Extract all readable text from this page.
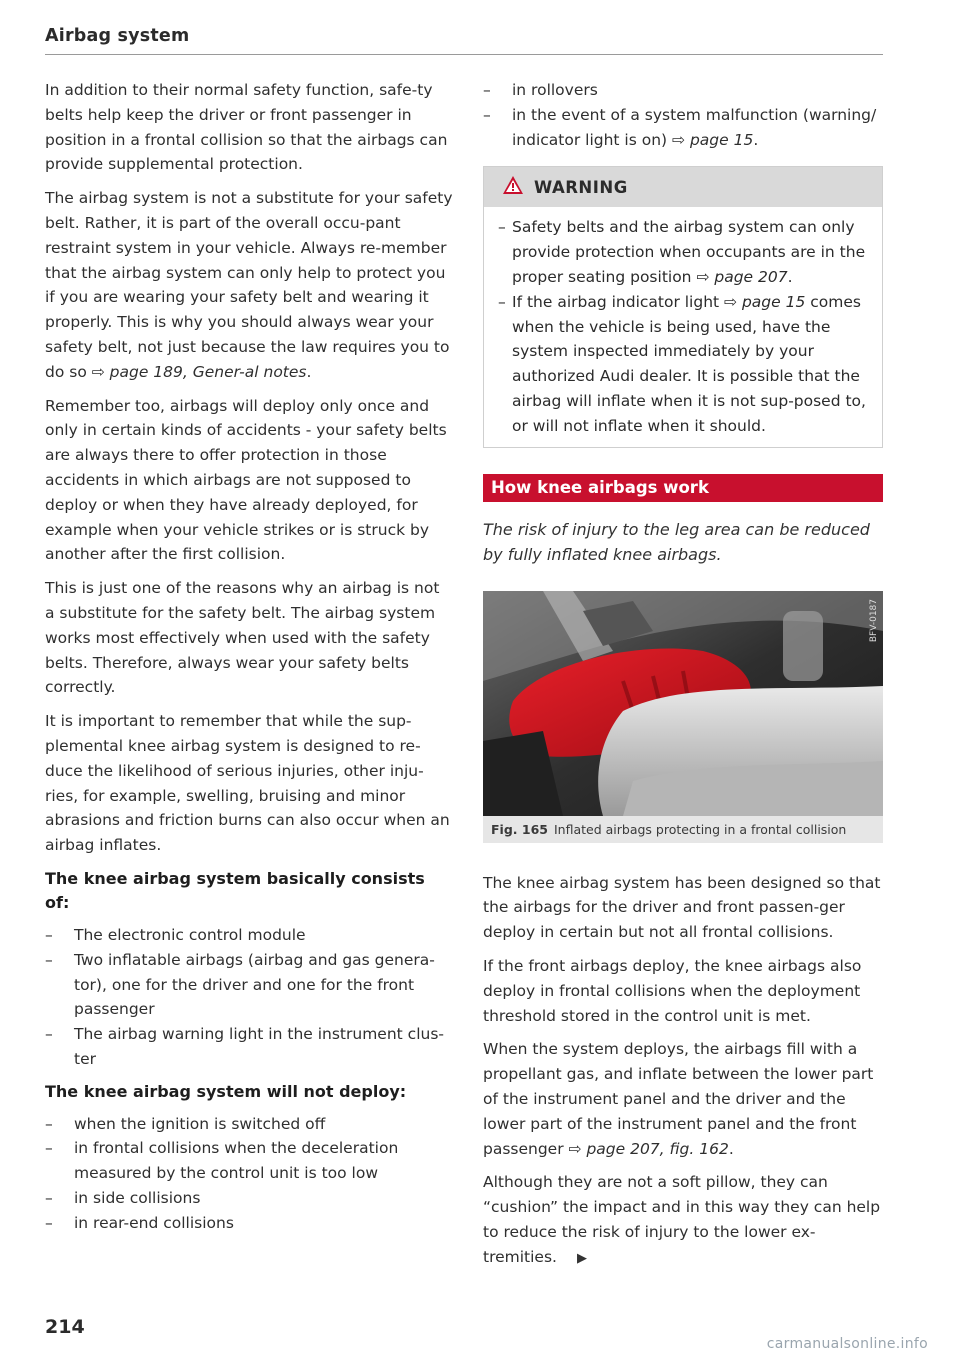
Airbag system

In addition to their normal safety function, safe-ty belts help keep the driver or front passenger in position in a frontal collision so that the airbags can provide supplemental protection.

The airbag system is not a substitute for your safety belt. Rather, it is part of the overall occu-pant restraint system in your vehicle. Always re-member that the airbag system can only help to protect you if you are wearing your safety belt and wearing it properly. This is why you should always wear your safety belt, not just because the law requires you to do so ⇨ page 189, Gener-al notes.

Remember too, airbags will deploy only once and only in certain kinds of accidents - your safety belts are always there to offer protection in those accidents in which airbags are not supposed to deploy or when they have already deployed, for example when your vehicle strikes or is struck by another after the first collision.

This is just one of the reasons why an airbag is not a substitute for the safety belt. The airbag system works most effectively when used with the safety belts. Therefore, always wear your safety belts correctly.

It is important to remember that while the sup-plemental knee airbag system is designed to re-duce the likelihood of serious injuries, other inju-ries, for example, swelling, bruising and minor abrasions and friction burns can also occur when an airbag inflates.

The knee airbag system basically consists of:
– The electronic control module
– Two inflatable airbags (airbag and gas genera-tor), one for the driver and one for the front passenger
– The airbag warning light in the instrument clus-ter
The knee airbag system will not deploy:
– when the ignition is switched off
– in frontal collisions when the deceleration measured by the control unit is too low
– in side collisions
– in rear-end collisions
– in rollovers
– in the event of a system malfunction (warning/ indicator light is on) ⇨ page 15.
WARNING
– Safety belts and the airbag system can only provide protection when occupants are in the proper seating position ⇨ page 207.
– If the airbag indicator light ⇨ page 15 comes when the vehicle is being used, have the system inspected immediately by your authorized Audi dealer. It is possible that the airbag will inflate when it is not sup-posed to, or will not inflate when it should.
How knee airbags work

The risk of injury to the leg area can be reduced by fully inflated knee airbags.

BFV-0187
Fig. 165 Inflated airbags protecting in a frontal collision

The knee airbag system has been designed so that the airbags for the driver and front passen-ger deploy in certain but not all frontal collisions.

If the front airbags deploy, the knee airbags also deploy in frontal collisions when the deployment threshold stored in the control unit is met.

When the system deploys, the airbags fill with a propellant gas, and inflate between the lower part of the instrument panel and the driver and the lower part of the instrument panel and the front passenger ⇨ page 207, fig. 162.

Although they are not a soft pillow, they can “cushion” the impact and in this way they can help to reduce the risk of injury to the lower ex-tremities. ▶

214
carmanualsonline.info
